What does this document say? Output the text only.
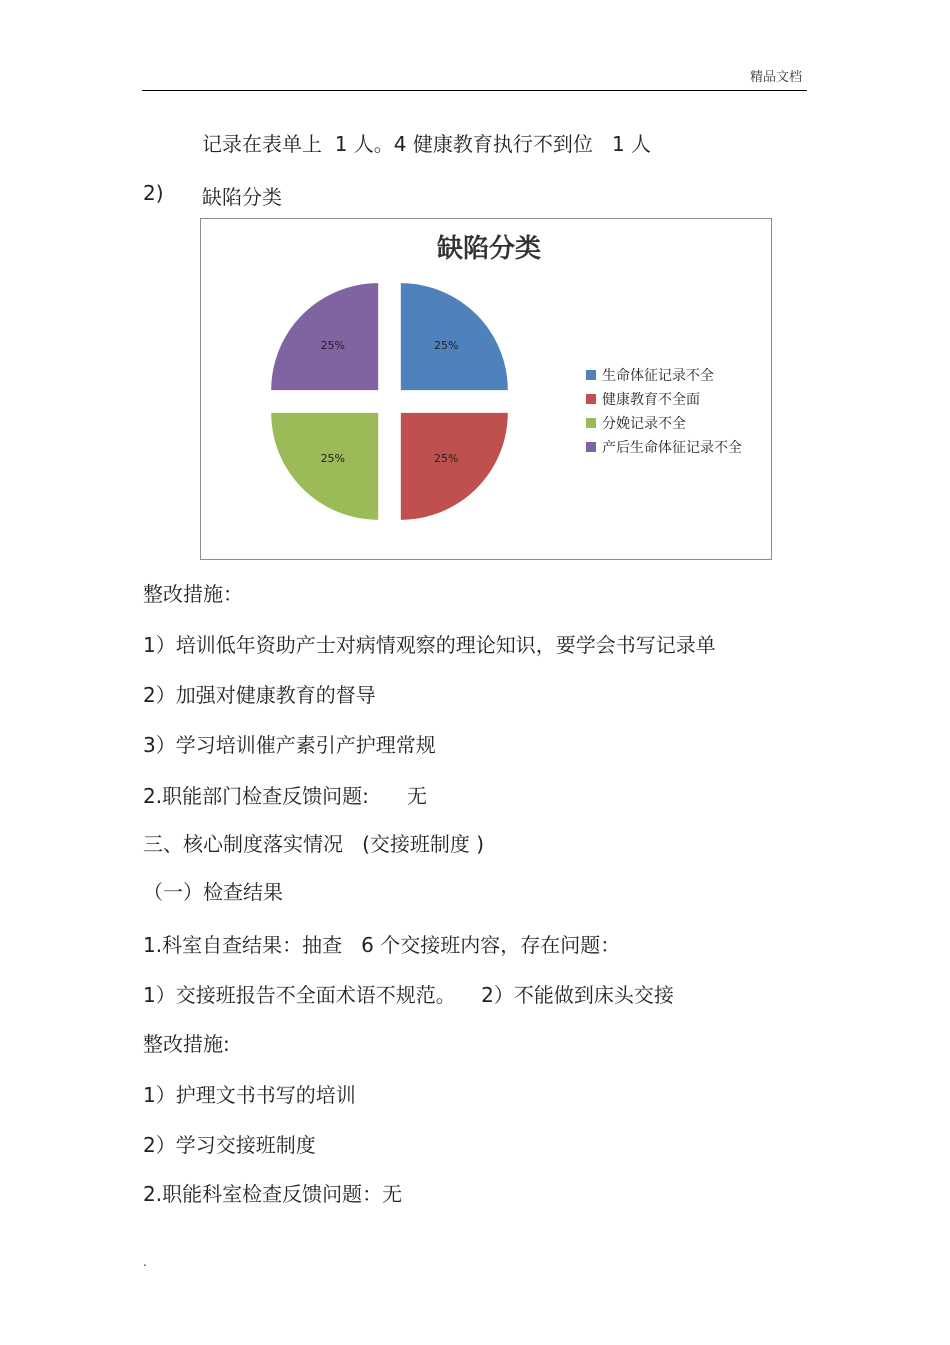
精品文档
记录在表单上  1 人。4 健康教育执行不到位   1 人
2) 缺陷分类
缺陷分类
25%
25%
25%
25%
生命体征记录不全
健康教育不全面
分娩记录不全
产后生命体征记录不全
整改措施：
1）培训低年资助产士对病情观察的理论知识，要学会书写记录单
2）加强对健康教育的督导
3）学习培训催产素引产护理常规
2.职能部门检查反馈问题:      无
三、核心制度落实情况   (交接班制度 )
（一）检查结果
1.科室自查结果：抽查   6 个交接班内容，存在问题：
1）交接班报告不全面术语不规范。    2）不能做到床头交接
整改措施:
1）护理文书书写的培训
2）学习交接班制度
2.职能科室检查反馈问题：无
.
